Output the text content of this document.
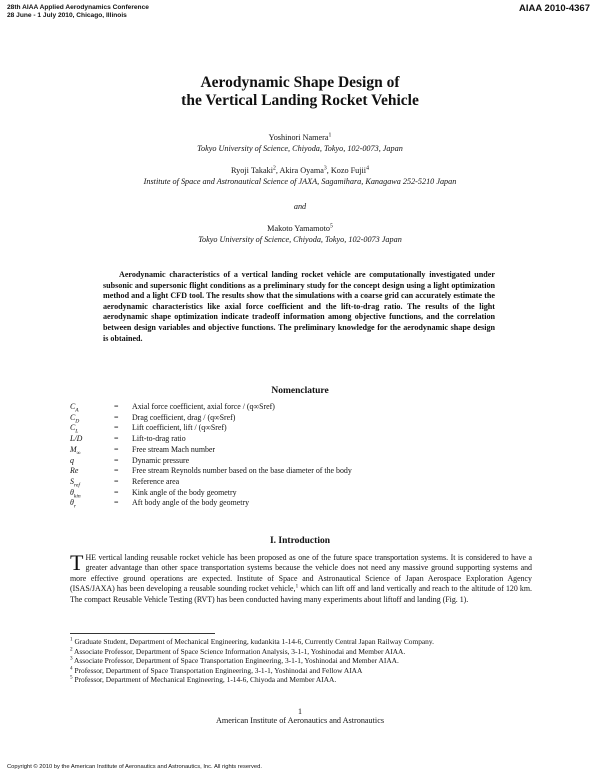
28th AIAA Applied Aerodynamics Conference
28 June - 1 July 2010, Chicago, Illinois
AIAA 2010-4367
Aerodynamic Shape Design of
the Vertical Landing Rocket Vehicle
Yoshinori Namera$^1$
Tokyo University of Science, Chiyoda, Tokyo, 102-0073, Japan
Ryoji Takaki$^2$, Akira Oyama$^3$, Kozo Fujii$^4$
Institute of Space and Astronautical Science of JAXA, Sagamihara, Kanagawa 252-5210 Japan
and
Makoto Yamamoto$^5$
Tokyo University of Science, Chiyoda, Tokyo, 102-0073 Japan
Aerodynamic characteristics of a vertical landing rocket vehicle are computationally investigated under subsonic and supersonic flight conditions as a preliminary study for the concept design using a light optimization method and a light CFD tool. The results show that the simulations with a coarse grid can accurately estimate the aerodynamic characteristics like axial force coefficient and the lift-to-drag ratio. The results of the light aerodynamic shape optimization indicate tradeoff information among objective functions, and the correlation between design variables and objective functions. The preliminary knowledge for the aerodynamic shape design is obtained.
Nomenclature
$C_A$	=	Axial force coefficient, axial force / (q∞Sref)
$C_D$	=	Drag coefficient, drag / (q∞Sref)
$C_L$	=	Lift coefficient, lift / (q∞Sref)
L/D	=	Lift-to-drag ratio
$M_\infty$	=	Free stream Mach number
q	=	Dynamic pressure
Re	=	Free stream Reynolds number based on the base diameter of the body
$S_{ref}$	=	Reference area
$\theta_{kin}$	=	Kink angle of the body geometry
$\theta_r$	=	Aft body angle of the body geometry
I. Introduction
THE vertical landing reusable rocket vehicle has been proposed as one of the future space transportation systems. It is considered to have a greater advantage than other space transportation systems because the vehicle does not need any massive ground supporting systems and more effective ground operations are expected. Institute of Space and Astronautical Science of Japan Aerospace Exploration Agency (ISAS/JAXA) has been developing a reusable sounding rocket vehicle,$^1$ which can lift off and land vertically and reach to the altitude of 120 km. The compact Reusable Vehicle Testing (RVT) has been conducted having many experiments about liftoff and landing (Fig. 1).
$^1$ Graduate Student, Department of Mechanical Engineering, kudankita 1-14-6, Currently Central Japan Railway Company.
$^2$ Associate Professor, Department of Space Science Information Analysis, 3-1-1, Yoshinodai and Member AIAA.
$^3$ Associate Professor, Department of Space Transportation Engineering, 3-1-1, Yoshinodai and Member AIAA.
$^4$ Professor, Department of Space Transportation Engineering, 3-1-1, Yoshinodai and Fellow AIAA
$^5$ Professor, Department of Mechanical Engineering, 1-14-6, Chiyoda and Member AIAA.
1
American Institute of Aeronautics and Astronautics
Copyright © 2010 by the American Institute of Aeronautics and Astronautics, Inc. All rights reserved.
